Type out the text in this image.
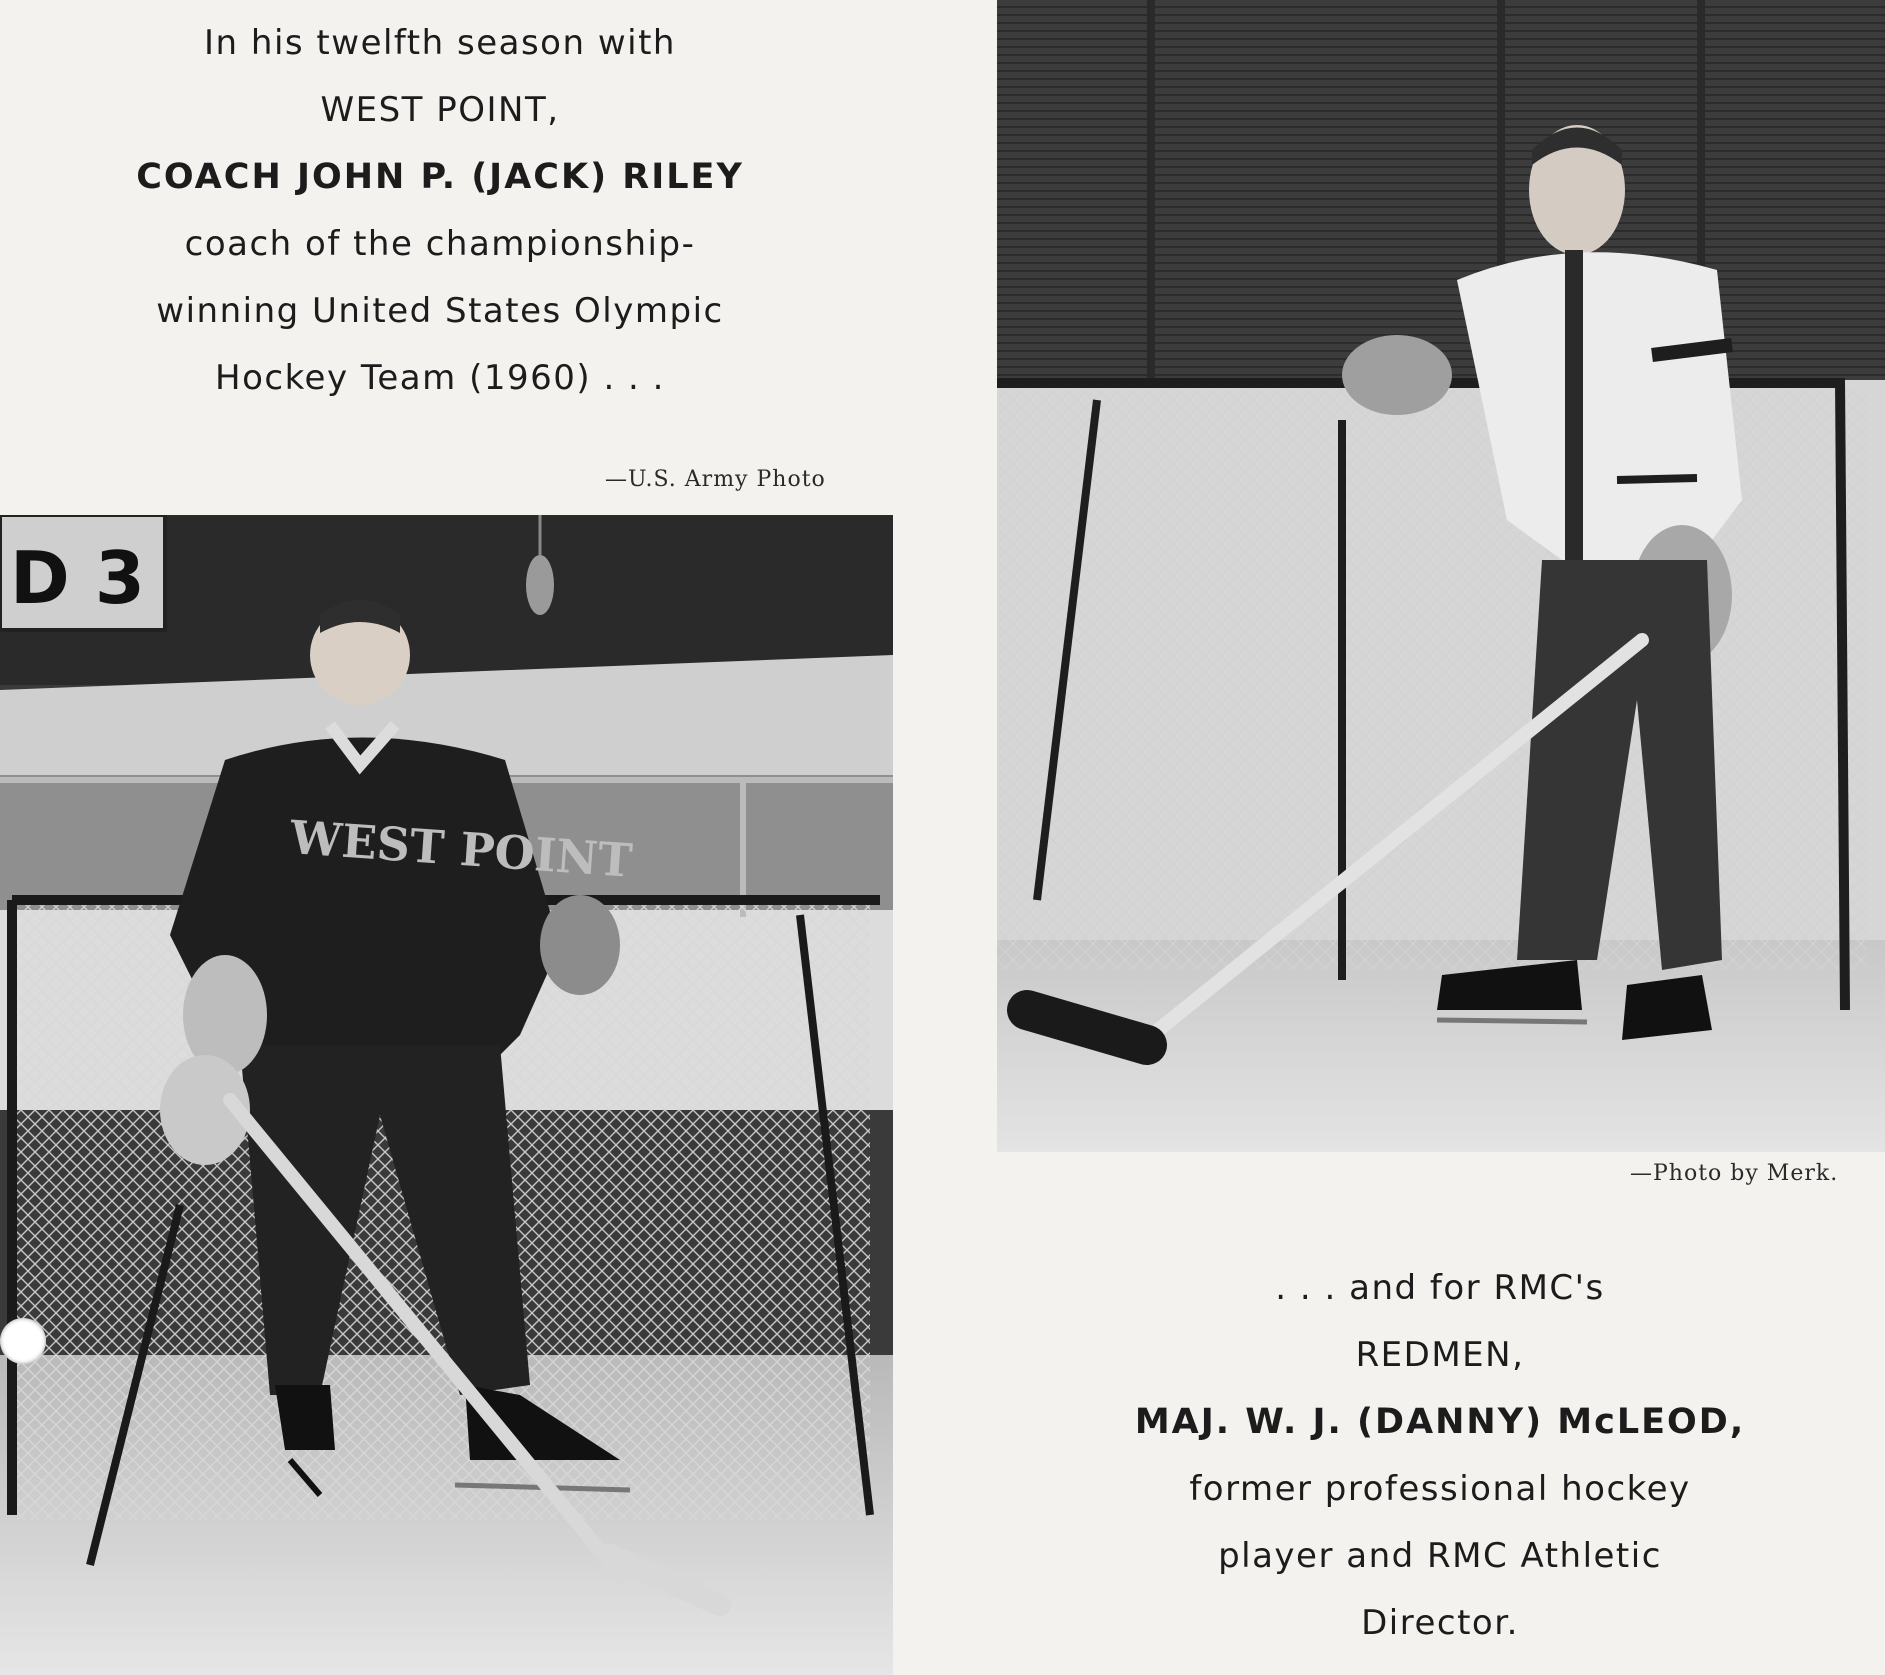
In his twelfth season with
WEST POINT,
COACH JOHN P. (JACK) RILEY
coach of the championship-
winning United States Olympic
Hockey Team (1960) . . .
—U.S. Army Photo
D 3
WEST POINT
—Photo by Merk.
. . . and for RMC's
REDMEN,
MAJ. W. J. (DANNY) McLEOD,
former professional hockey
player and RMC Athletic
Director.
